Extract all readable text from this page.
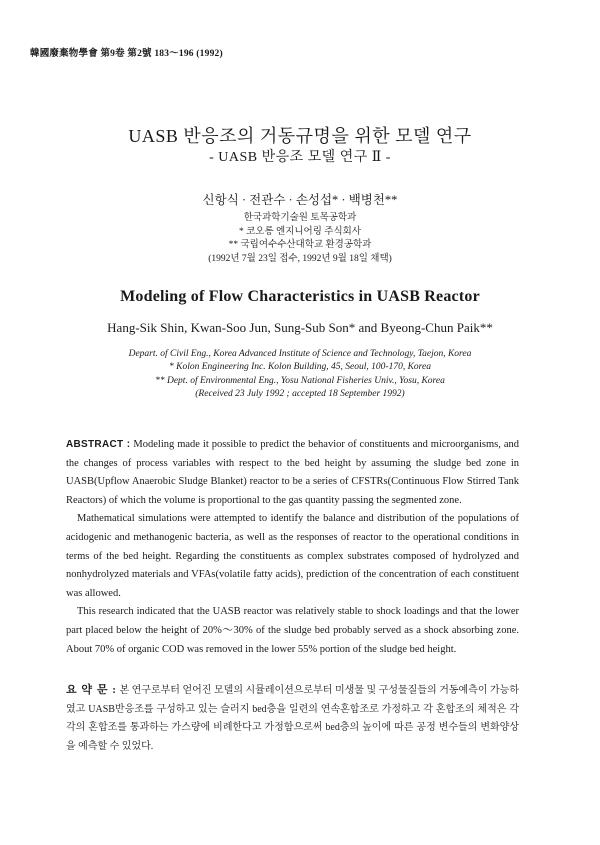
韓國廢棄物學會 第9卷 第2號 183〜196 (1992)
UASB 반응조의 거동규명을 위한 모델 연구
- UASB 반응조 모델 연구 Ⅱ -
신항식 · 전관수 · 손성섭* · 백병천**
한국과학기술원 토목공학과
* 코오롱 엔지니어링 주식회사
** 국립여수수산대학교 환경공학과
(1992년 7월 23일 접수, 1992년 9월 18일 채택)
Modeling of Flow Characteristics in UASB Reactor
Hang-Sik Shin, Kwan-Soo Jun, Sung-Sub Son* and Byeong-Chun Paik**
Depart. of Civil Eng., Korea Advanced Institute of Science and Technology, Taejon, Korea
* Kolon Engineering Inc. Kolon Building, 45, Seoul, 100-170, Korea
** Dept. of Environmental Eng., Yosu National Fisheries Univ., Yosu, Korea
(Received 23 July 1992 ; accepted 18 September 1992)

ABSTRACT : Modeling made it possible to predict the behavior of constituents and microorganisms, and the changes of process variables with respect to the bed height by assuming the sludge bed zone in UASB(Upflow Anaerobic Sludge Blanket) reactor to be a series of CFSTRs(Continuous Flow Stirred Tank Reactors) of which the volume is proportional to the gas quantity passing the segmented zone.

Mathematical simulations were attempted to identify the balance and distribution of the populations of acidogenic and methanogenic bacteria, as well as the responses of reactor to the operational conditions in terms of the bed height. Regarding the constituents as complex substrates composed of hydrolyzed and nonhydrolyzed materials and VFAs(volatile fatty acids), prediction of the concentration of each constituent was allowed.

This research indicated that the UASB reactor was relatively stable to shock loadings and that the lower part placed below the height of 20%〜30% of the sludge bed probably served as a shock absorbing zone. About 70% of organic COD was removed in the lower 55% portion of the sludge bed height.

요 약 문 : 본 연구로부터 얻어진 모델의 시뮬레이션으로부터 미생물 및 구성물질들의 거동예측이 가능하였고 UASB반응조를 구성하고 있는 슬러지 bed층을 일련의 연속혼합조로 가정하고 각 혼합조의 체적은 각각의 혼합조를 통과하는 가스량에 비례한다고 가정함으로써 bed층의 높이에 따른 공정 변수들의 변화양상을 예측할 수 있었다.
